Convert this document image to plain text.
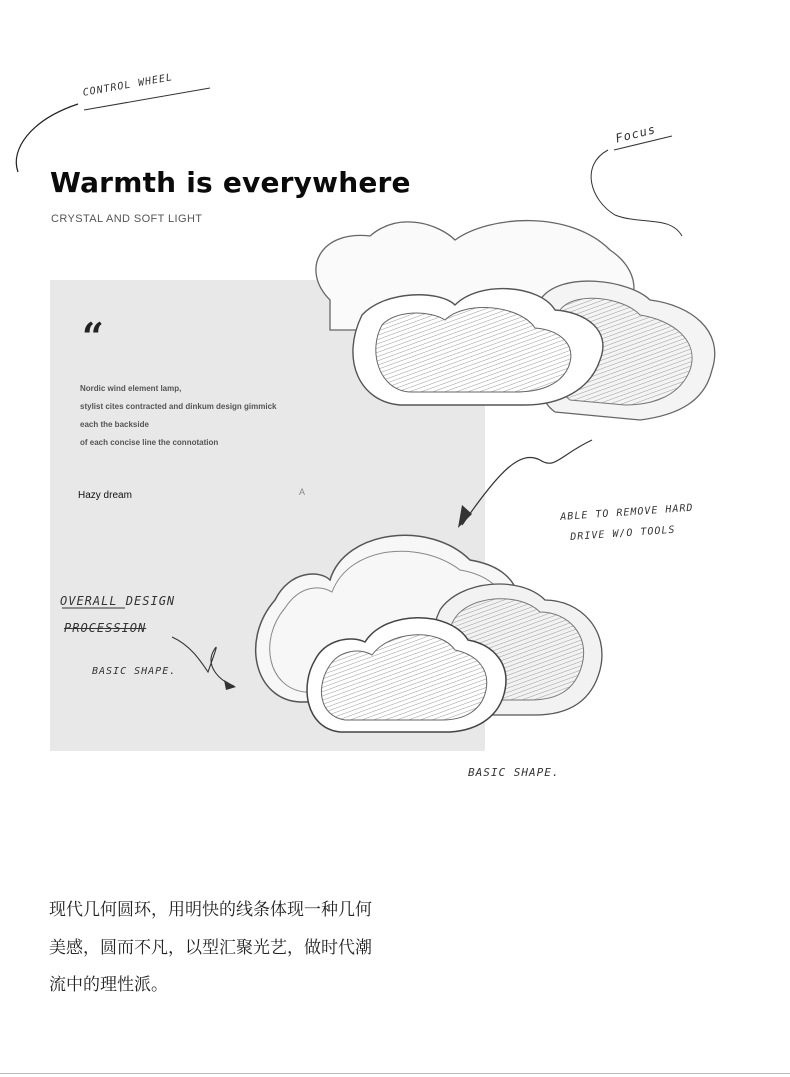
CONTROL WHEEL
Focus
ABLE TO REMOVE HARD
DRIVE W/O TOOLS
OVERALL DESIGN
PROCESSION
BASIC SHAPE.
BASIC SHAPE.
Warmth is everywhere
CRYSTAL AND SOFT LIGHT
“
Nordic wind element lamp,
stylist cites contracted and dinkum design gimmick
each the backside
of each concise line the connotation
Hazy dream	A
现代几何圆环，用明快的线条体现一种几何
美感，圆而不凡，以型汇聚光艺，做时代潮
流中的理性派。
